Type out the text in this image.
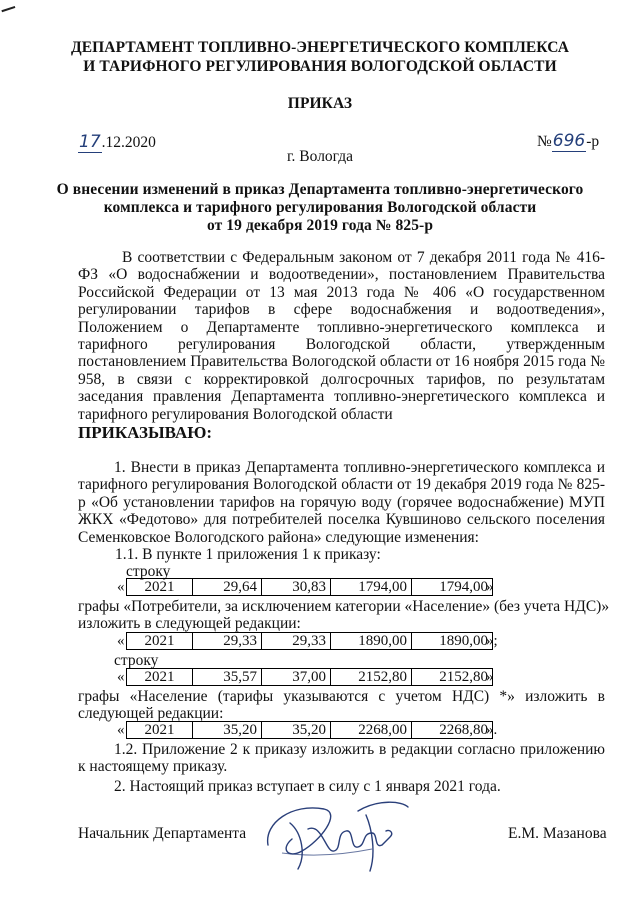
ДЕПАРТАМЕНТ ТОПЛИВНО-ЭНЕРГЕТИЧЕСКОГО КОМПЛЕКСА
И ТАРИФНОГО РЕГУЛИРОВАНИЯ ВОЛОГОДСКОЙ ОБЛАСТИ
ПРИКАЗ
17.12.2020	№696-р
г. Вологда
О внесении изменений в приказ Департамента топливно-энергетического
комплекса и тарифного регулирования Вологодской области
от 19 декабря 2019 года № 825-р
В соответствии с Федеральным законом от 7 декабря 2011 года № 416-ФЗ «О водоснабжении и водоотведении», постановлением Правительства Российской Федерации от 13 мая 2013 года № 406 «О государственном регулировании тарифов в сфере водоснабжения и водоотведения», Положением о Департаменте топливно-энергетического комплекса и тарифного регулирования Вологодской области, утвержденным постановлением Правительства Вологодской области от 16 ноября 2015 года № 958, в связи с корректировкой долгосрочных тарифов, по результатам заседания правления Департамента топливно-энергетического комплекса и тарифного регулирования Вологодской области
ПРИКАЗЫВАЮ:
1. Внести в приказ Департамента топливно-энергетического комплекса и тарифного регулирования Вологодской области от 19 декабря 2019 года № 825-р «Об установлении тарифов на горячую воду (горячее водоснабжение) МУП ЖКХ «Федотово» для потребителей поселка Кувшиново сельского поселения Семенковское Вологодского района» следующие изменения:
1.1. В пункте 1 приложения 1 к приказу:
строку
« 2021	29,64	30,83	1794,00	1794,00
»
графы «Потребители, за исключением категории «Население» (без учета НДС)»
изложить в следующей редакции:
« 2021	29,33	29,33	1890,00	1890,00
»;
строку
« 2021	35,57	37,00	2152,80	2152,80
»
графы «Население (тарифы указываются с учетом НДС) *» изложить в
следующей редакции:
« 2021	35,20	35,20	2268,00	2268,80
».
1.2. Приложение 2 к приказу изложить в редакции согласно приложению к настоящему приказу.
2. Настоящий приказ вступает в силу с 1 января 2021 года.
Начальник Департамента	Е.М. Мазанова
